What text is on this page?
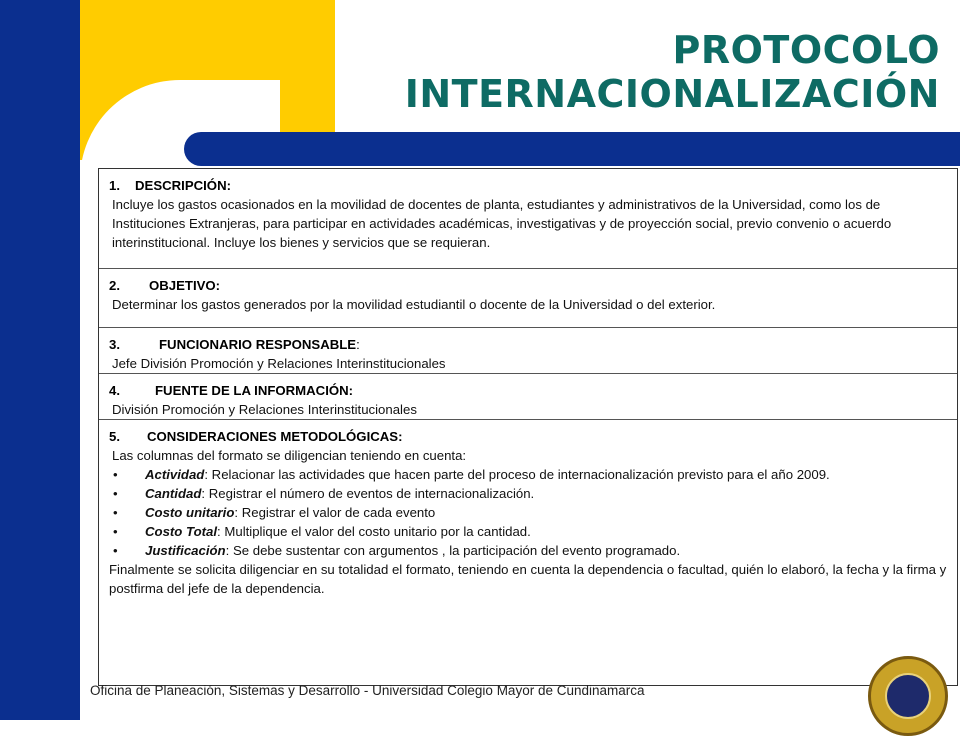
PROTOCOLO
INTERNACIONALIZACIÓN
1. DESCRIPCIÓN:
Incluye los gastos ocasionados en la movilidad de docentes de planta, estudiantes y administrativos de la Universidad, como los de Instituciones Extranjeras, para participar en actividades académicas, investigativas y de proyección social, previo convenio o acuerdo interinstitucional. Incluye los bienes y servicios que se requieran.
2. OBJETIVO:
Determinar los gastos generados por la movilidad estudiantil o docente de la Universidad o del exterior.
3.	FUNCIONARIO RESPONSABLE:
Jefe División Promoción y Relaciones Interinstitucionales
4.	FUENTE DE LA INFORMACIÓN:
División Promoción y Relaciones Interinstitucionales
5. CONSIDERACIONES METODOLÓGICAS:
Las columnas del formato se diligencian teniendo en cuenta:
• Actividad: Relacionar las actividades que hacen parte del proceso de internacionalización previsto para el año 2009.
• Cantidad: Registrar el número de eventos de internacionalización.
• Costo unitario: Registrar el valor de cada evento
• Costo Total: Multiplique el valor del costo unitario por la cantidad.
• Justificación: Se debe sustentar con argumentos , la participación del evento programado.
Finalmente se solicita diligenciar en su totalidad el formato, teniendo en cuenta la dependencia o facultad, quién lo elaboró, la fecha y la firma y postfirma del jefe de la dependencia.
Oficina de Planeación, Sistemas y Desarrollo - Universidad Colegio Mayor de Cundinamarca
